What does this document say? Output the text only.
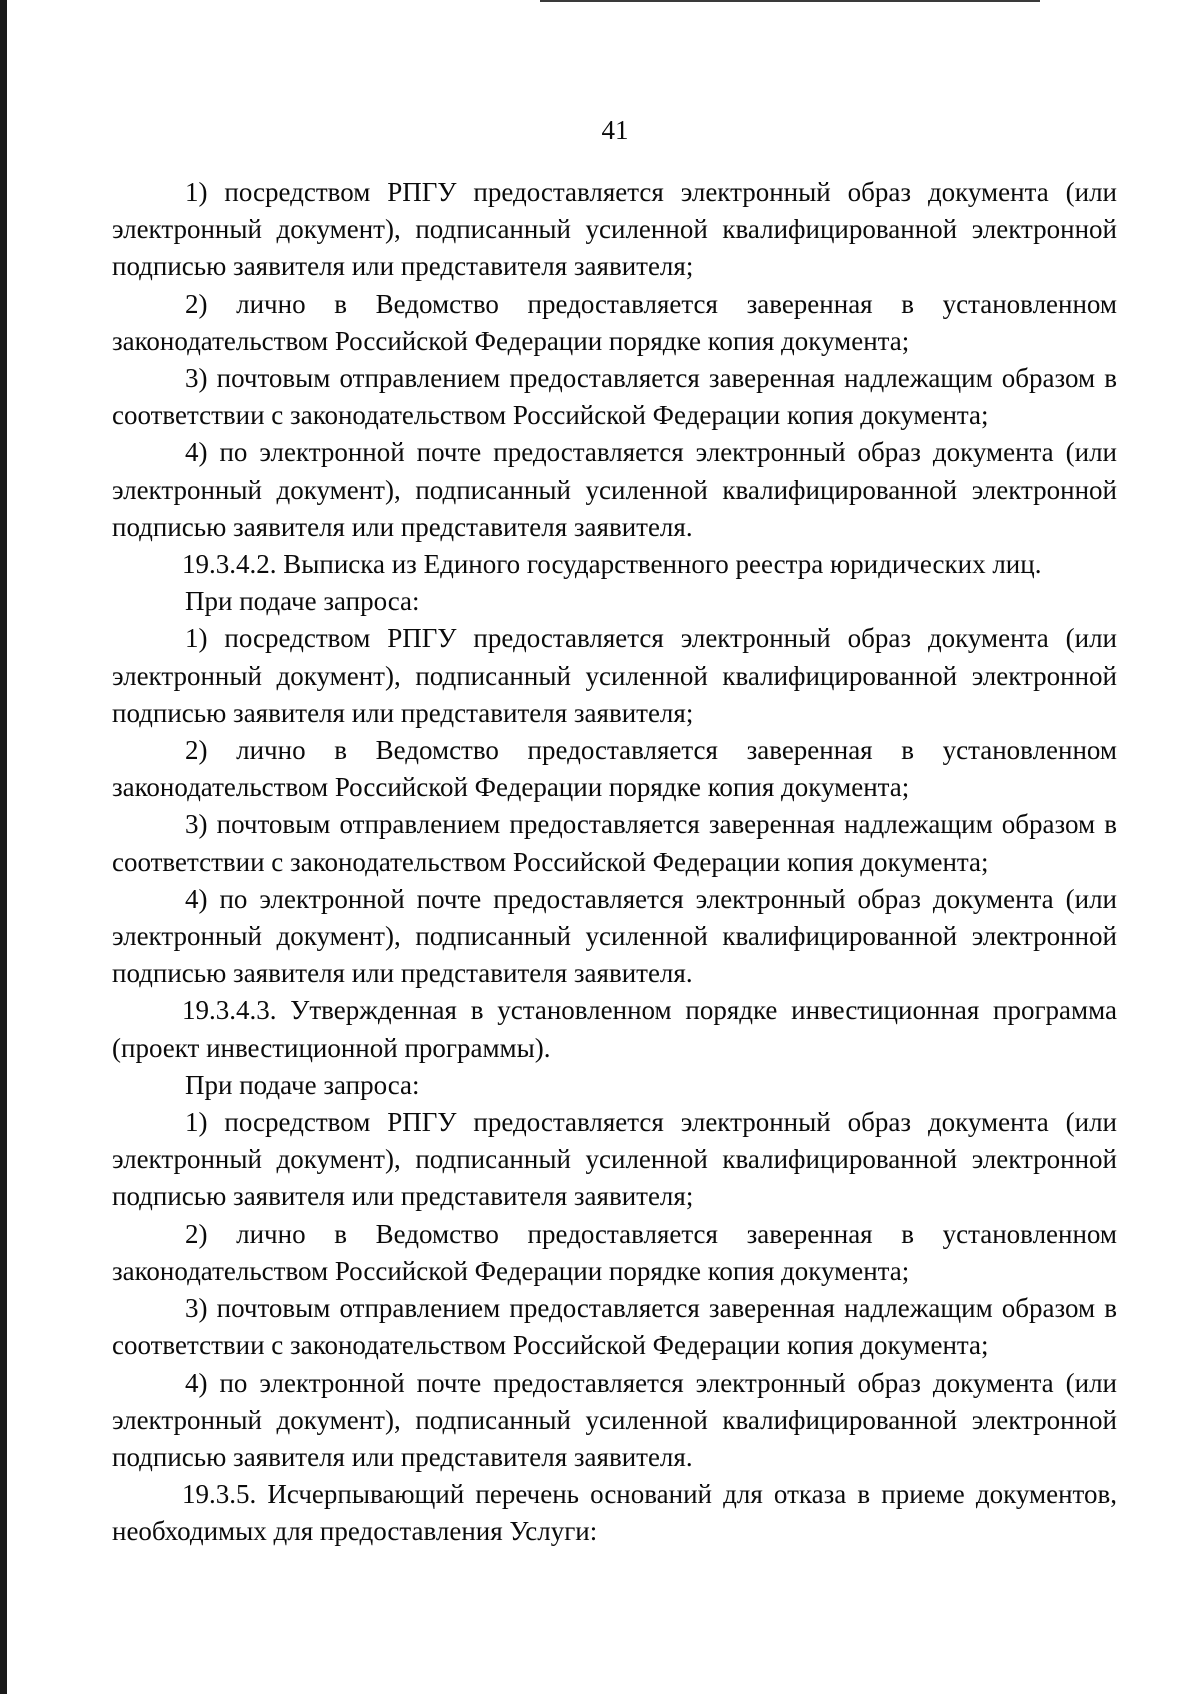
41

1) посредством РПГУ предоставляется электронный образ документа (или электронный документ), подписанный усиленной квалифицированной электронной подписью заявителя или представителя заявителя;

2) лично в Ведомство предоставляется заверенная в установленном законодательством Российской Федерации порядке копия документа;

3) почтовым отправлением предоставляется заверенная надлежащим образом в соответствии с законодательством Российской Федерации копия документа;

4) по электронной почте предоставляется электронный образ документа (или электронный документ), подписанный усиленной квалифицированной электронной подписью заявителя или представителя заявителя.

19.3.4.2. Выписка из Единого государственного реестра юридических лиц.

При подаче запроса:

1) посредством РПГУ предоставляется электронный образ документа (или электронный документ), подписанный усиленной квалифицированной электронной подписью заявителя или представителя заявителя;

2) лично в Ведомство предоставляется заверенная в установленном законодательством Российской Федерации порядке копия документа;

3) почтовым отправлением предоставляется заверенная надлежащим образом в соответствии с законодательством Российской Федерации копия документа;

4) по электронной почте предоставляется электронный образ документа (или электронный документ), подписанный усиленной квалифицированной электронной подписью заявителя или представителя заявителя.

19.3.4.3. Утвержденная в установленном порядке инвестиционная программа (проект инвестиционной программы).

При подаче запроса:

1) посредством РПГУ предоставляется электронный образ документа (или электронный документ), подписанный усиленной квалифицированной электронной подписью заявителя или представителя заявителя;

2) лично в Ведомство предоставляется заверенная в установленном законодательством Российской Федерации порядке копия документа;

3) почтовым отправлением предоставляется заверенная надлежащим образом в соответствии с законодательством Российской Федерации копия документа;

4) по электронной почте предоставляется электронный образ документа (или электронный документ), подписанный усиленной квалифицированной электронной подписью заявителя или представителя заявителя.

19.3.5. Исчерпывающий перечень оснований для отказа в приеме документов, необходимых для предоставления Услуги:
